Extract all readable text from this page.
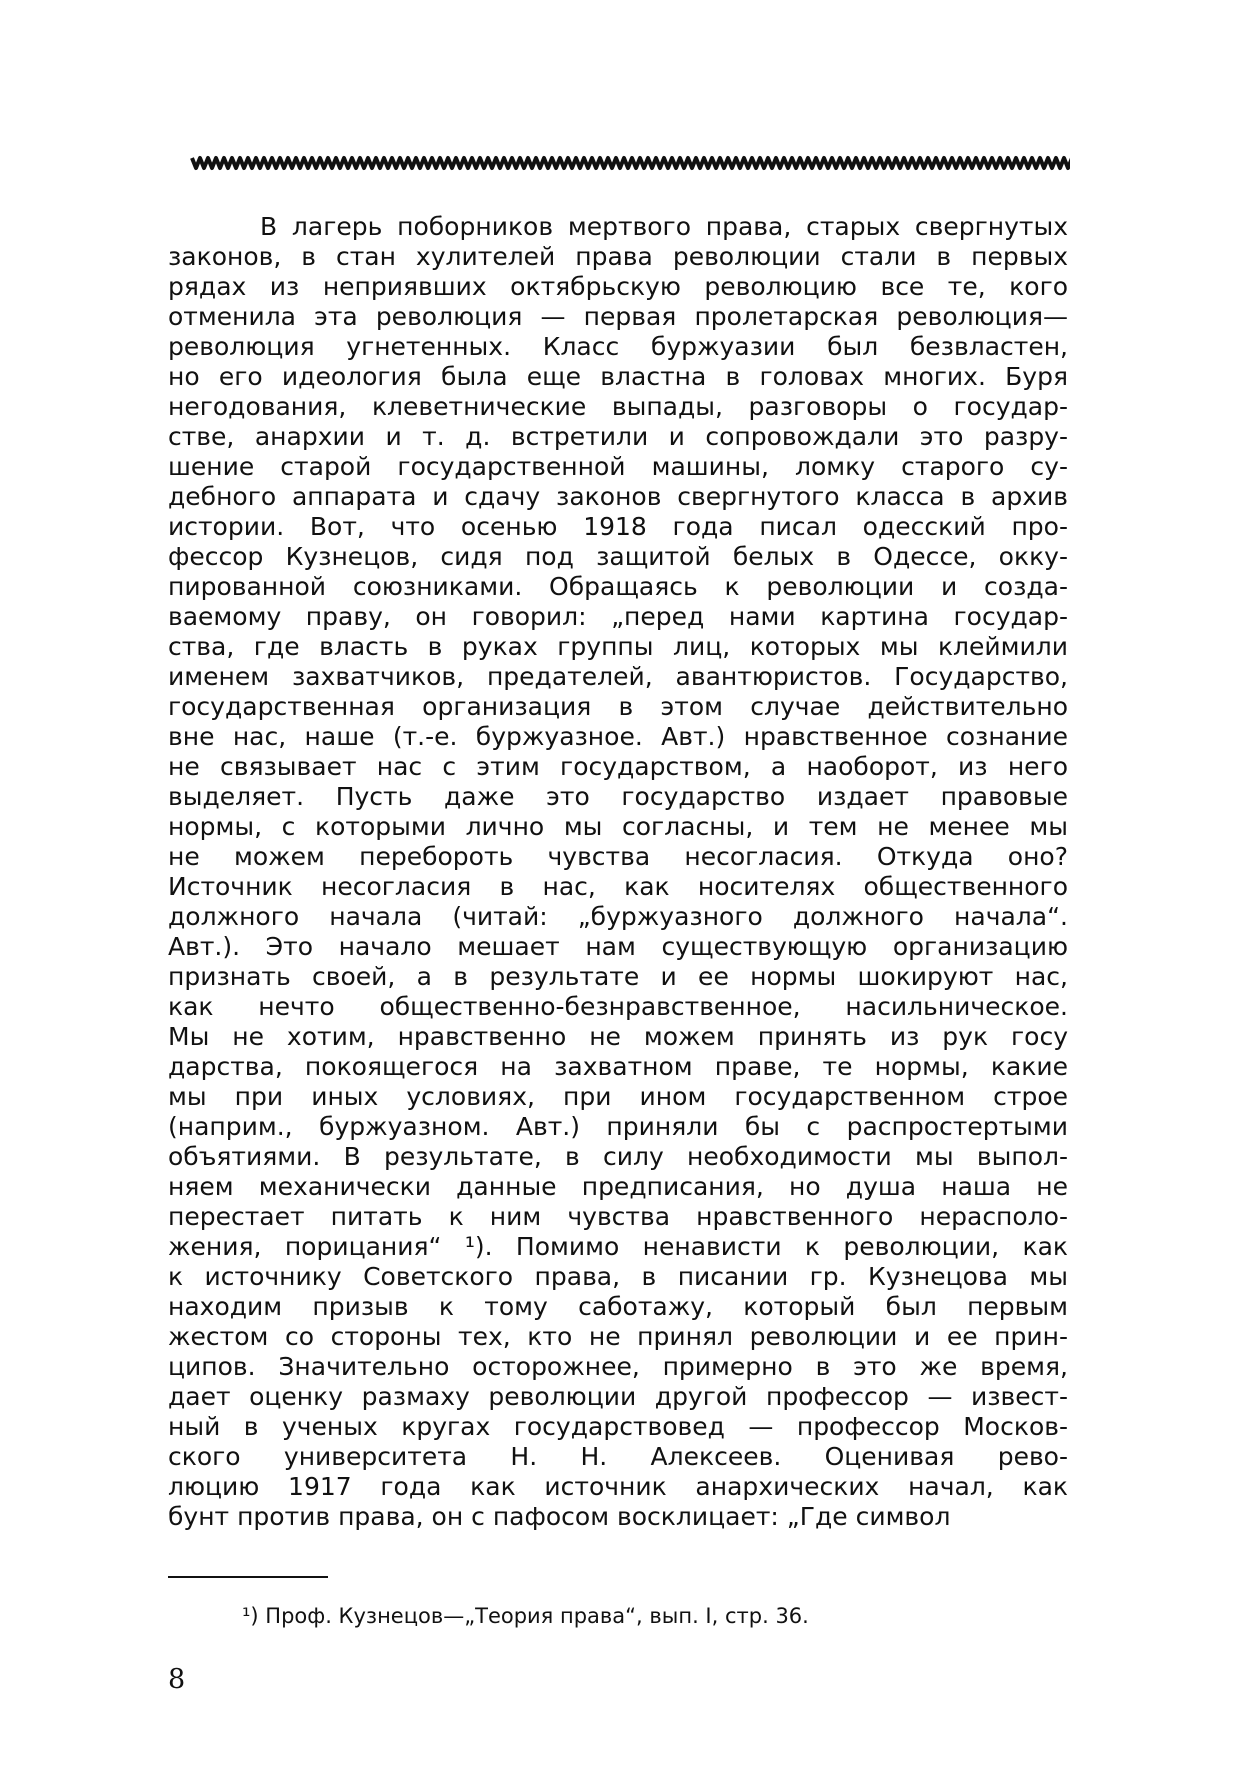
В лагерь поборников мертвого права, старых свергнутых
законов, в стан хулителей права революции стали в первых
рядах из неприявших октябрьскую революцию все те, кого
отменила эта революция — первая пролетарская революция—
революция угнетенных. Класс буржуазии был безвластен,
но его идеология была еще властна в головах многих. Буря
негодования, клеветнические выпады, разговоры о государ-
стве, анархии и т. д. встретили и сопровождали это разру-
шение старой государственной машины, ломку старого су-
дебного аппарата и сдачу законов свергнутого класса в архив
истории. Вот, что осенью 1918 года писал одесский про-
фессор Кузнецов, сидя под защитой белых в Одессе, окку-
пированной союзниками. Обращаясь к революции и созда-
ваемому праву, он говорил: „перед нами картина государ-
ства, где власть в руках группы лиц, которых мы клеймили
именем захватчиков, предателей, авантюристов. Государство,
государственная организация в этом случае действительно
вне нас, наше (т.-е. буржуазное. Авт.) нравственное сознание
не связывает нас с этим государством, а наоборот, из него
выделяет. Пусть даже это государство издает правовые
нормы, с которыми лично мы согласны, и тем не менее мы
не можем перебороть чувства несогласия. Откуда оно?
Источник несогласия в нас, как носителях общественного
должного начала (читай: „буржуазного должного начала“.
Авт.). Это начало мешает нам существующую организацию
признать своей, а в результате и ее нормы шокируют нас,
как нечто общественно-безнравственное, насильническое.
Мы не хотим, нравственно не можем принять из рук госу
дарства, покоящегося на захватном праве, те нормы, какие
мы при иных условиях, при ином государственном строе
(наприм., буржуазном. Авт.) приняли бы с распростертыми
объятиями. В результате, в силу необходимости мы выпол-
няем механически данные предписания, но душа наша не
перестает питать к ним чувства нравственного нерасполо-
жения, порицания“ ¹). Помимо ненависти к революции, как
к источнику Советского права, в писании гр. Кузнецова мы
находим призыв к тому саботажу, который был первым
жестом со стороны тех, кто не принял революции и ее прин-
ципов. Значительно осторожнее, примерно в это же время,
дает оценку размаху революции другой профессор — извест-
ный в ученых кругах государствовед — профессор Москов-
ского университета Н. Н. Алексеев. Оценивая рево-
люцию 1917 года как источник анархических начал, как
бунт против права, он с пафосом восклицает: „Где символ
¹) Проф. Кузнецов—„Теория права“, вып. I, стр. 36.
8
